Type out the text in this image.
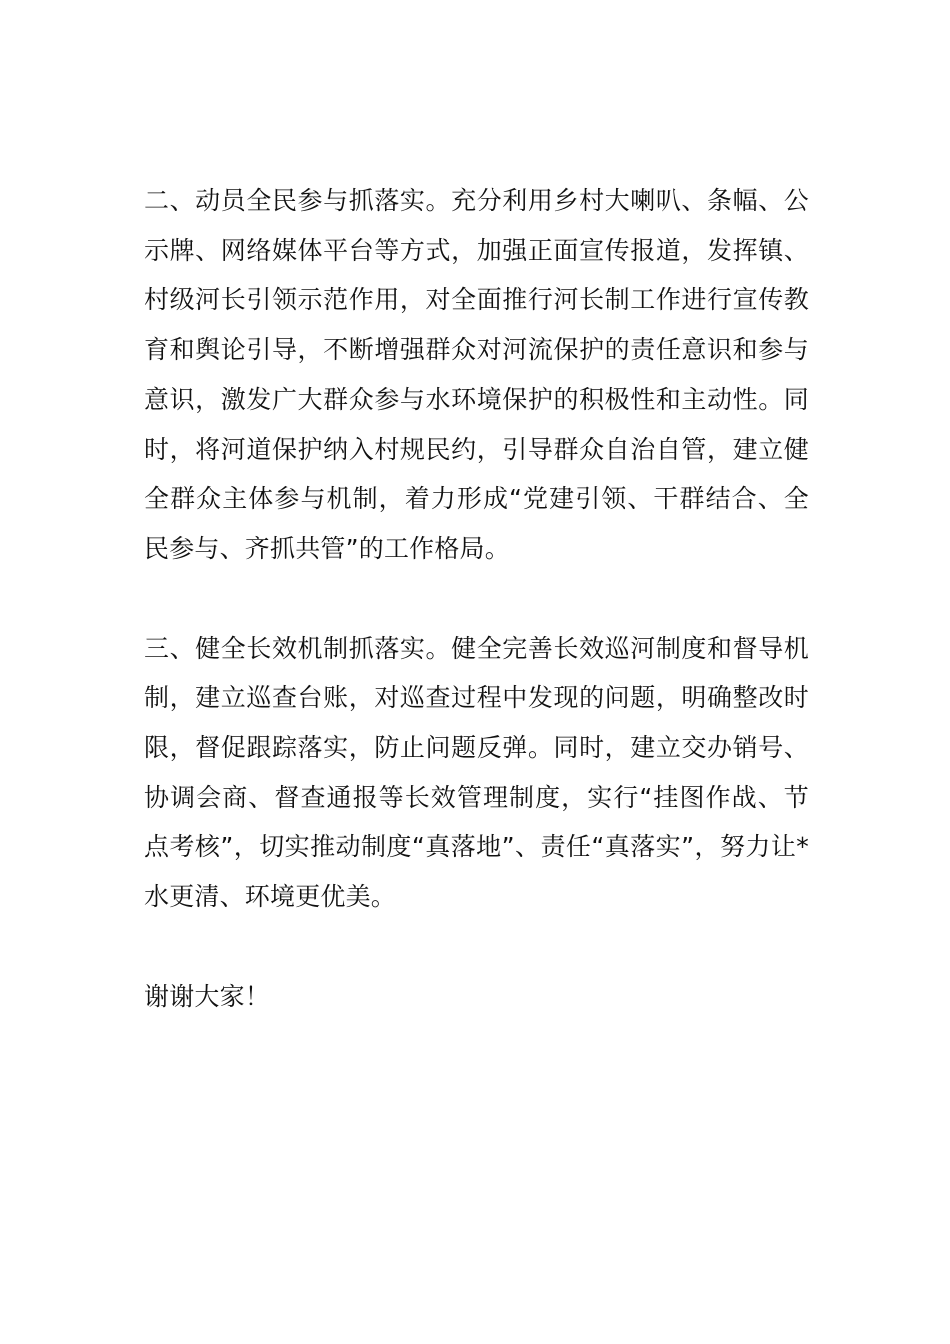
二、动员全民参与抓落实。充分利用乡村大喇叭、条幅、公示牌、网络媒体平台等方式，加强正面宣传报道，发挥镇、村级河长引领示范作用，对全面推行河长制工作进行宣传教育和舆论引导，不断增强群众对河流保护的责任意识和参与意识，激发广大群众参与水环境保护的积极性和主动性。同时，将河道保护纳入村规民约，引导群众自治自管，建立健全群众主体参与机制，着力形成“党建引领、干群结合、全民参与、齐抓共管”的工作格局。

三、健全长效机制抓落实。健全完善长效巡河制度和督导机制，建立巡查台账，对巡查过程中发现的问题，明确整改时限，督促跟踪落实，防止问题反弹。同时，建立交办销号、协调会商、督查通报等长效管理制度，实行“挂图作战、节点考核”，切实推动制度“真落地”、责任“真落实”，努力让*水更清、环境更优美。

谢谢大家！
